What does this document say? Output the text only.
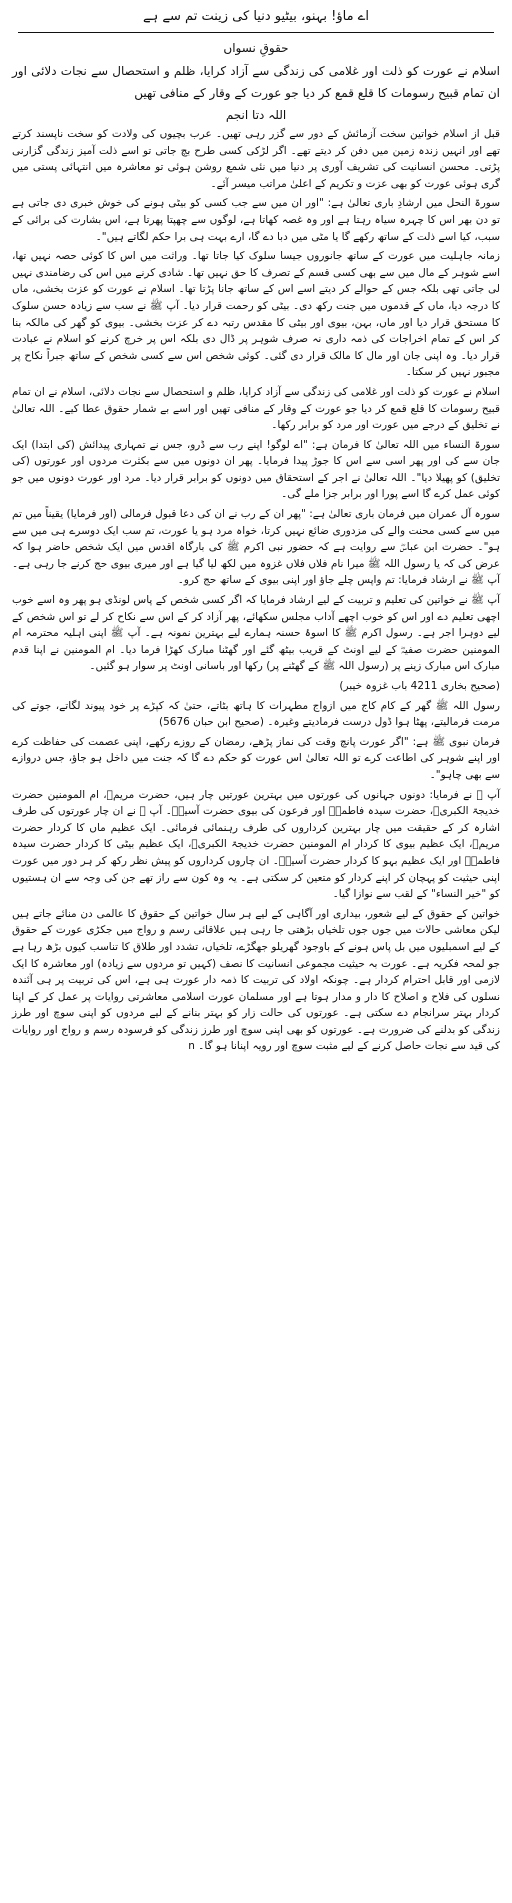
اے ماؤ! بہنو، بیٹیو دنیا کی زینت تم سے ہے
حقوقِ نسواں

اسلام نے عورت کو ذلت اور غلامی کی زندگی سے آزاد کرایا، ظلم و استحصال سے نجات دلائی اور ان تمام قبیح رسومات کا قلع قمع کر دیا جو عورت کے وقار کے منافی تھیں

اللہ دتا انجم

قبل از اسلام خواتین سخت آزمائش کے دور سے گزر رہی تھیں۔ عرب بچیوں کی ولادت کو سخت ناپسند کرتے تھے اور انہیں زندہ زمین میں دفن کر دیتے تھے۔ اگر لڑکی کسی طرح بچ جاتی تو اسے ذلت آمیز زندگی گزارنی پڑتی۔ محسن انسانیت کی تشریف آوری پر دنیا میں نئی شمع روشن ہوئی تو معاشرہ میں انتہائی پستی میں گری ہوئی عورت کو بھی عزت و تکریم کے اعلیٰ مراتب میسر آئے۔

سورۃ النحل میں ارشادِ باری تعالیٰ ہے: "اور ان میں سے جب کسی کو بیٹی ہونے کی خوش خبری دی جاتی ہے تو دن بھر اس کا چہرہ سیاہ رہتا ہے اور وہ غصہ کھاتا ہے، لوگوں سے چھپتا پھرتا ہے، اس بشارت کی برائی کے سبب، کیا اسے ذلت کے ساتھ رکھے گا یا مٹی میں دبا دے گا، ارے بہت ہی برا حکم لگاتے ہیں"۔

زمانہ جاہلیت میں عورت کے ساتھ جانوروں جیسا سلوک کیا جاتا تھا۔ وراثت میں اس کا کوئی حصہ نہیں تھا، اسے شوہر کے مال میں سے بھی کسی قسم کے تصرف کا حق نہیں تھا۔ شادی کرنے میں اس کی رضامندی نہیں لی جاتی تھی بلکہ جس کے حوالے کر دیتے اسے اس کے ساتھ جانا پڑتا تھا۔ اسلام نے عورت کو عزت بخشی، ماں کا درجہ دیا، ماں کے قدموں میں جنت رکھ دی۔ بیٹی کو رحمت قرار دیا۔ آپ ﷺ نے سب سے زیادہ حسن سلوک کا مستحق قرار دیا اور ماں، بہن، بیوی اور بیٹی کا مقدس رتبہ دے کر عزت بخشی۔ بیوی کو گھر کی مالکہ بنا کر اس کے تمام اخراجات کی ذمہ داری نہ صرف شوہر پر ڈال دی بلکہ اس پر خرچ کرنے کو اسلام نے عبادت قرار دیا۔ وہ اپنی جان اور مال کا مالک قرار دی گئی۔ کوئی شخص اس سے کسی شخص کے ساتھ جبراً نکاح پر مجبور نہیں کر سکتا۔

اسلام نے عورت کو ذلت اور غلامی کی زندگی سے آزاد کرایا، ظلم و استحصال سے نجات دلائی، اسلام نے ان تمام قبیح رسومات کا قلع قمع کر دیا جو عورت کے وقار کے منافی تھیں اور اسے بے شمار حقوق عطا کیے۔ اللہ تعالیٰ نے تخلیق کے درجے میں عورت اور مرد کو برابر رکھا۔

سورۃ النساء میں اللہ تعالیٰ کا فرمان ہے: "اے لوگو! اپنے رب سے ڈرو، جس نے تمہاری پیدائش (کی ابتدا) ایک جان سے کی اور پھر اسی سے اس کا جوڑ پیدا فرمایا۔ پھر ان دونوں میں سے بکثرت مردوں اور عورتوں (کی تخلیق) کو پھیلا دیا"۔ اللہ تعالیٰ نے اجر کے استحقاق میں دونوں کو برابر قرار دیا۔ مرد اور عورت دونوں میں جو کوئی عمل کرے گا اسے پورا اور برابر جزا ملے گی۔

سورہ آل عمران میں فرمان باری تعالیٰ ہے: "پھر ان کے رب نے ان کی دعا قبول فرمالی (اور فرمایا) یقیناً میں تم میں سے کسی محنت والے کی مزدوری ضائع نہیں کرتا، خواہ مرد ہو یا عورت، تم سب ایک دوسرے ہی میں سے ہو"۔ حضرت ابن عباسؓ سے روایت ہے کہ حضور نبی اکرم ﷺ کی بارگاہ اقدس میں ایک شخص حاضر ہوا کہ عرض کی کہ یا رسول اللہ ﷺ میرا نام فلاں فلاں غزوہ میں لکھ لیا گیا ہے اور میری بیوی حج کرنے جا رہی ہے۔ آپ ﷺ نے ارشاد فرمایا: تم واپس چلے جاؤ اور اپنی بیوی کے ساتھ حج کرو۔

آپ ﷺ نے خواتین کی تعلیم و تربیت کے لیے ارشاد فرمایا کہ اگر کسی شخص کے پاس لونڈی ہو پھر وہ اسے خوب اچھی تعلیم دے اور اس کو خوب اچھے آداب مجلس سکھائے، پھر آزاد کر کے اس سے نکاح کر لے تو اس شخص کے لیے دوہرا اجر ہے۔ رسول اکرم ﷺ کا اسوۂ حسنہ ہمارے لیے بہترین نمونہ ہے۔ آپ ﷺ اپنی اہلیہ محترمہ ام المومنین حضرت صفیہؓ کے لیے اونٹ کے قریب بیٹھ گئے اور گھٹنا مبارک کھڑا فرما دیا۔ ام المومنین نے اپنا قدم مبارک اس مبارک زینے پر (رسول اللہ ﷺ کے گھٹنے پر) رکھا اور باسانی اونٹ پر سوار ہو گئیں۔

(صحیح بخاری 4211 باب غزوہ خیبر)

رسول اللہ ﷺ گھر کے کام کاج میں ازواج مطہرات کا ہاتھ بٹاتے، حتیٰ کہ کپڑے پر خود پیوند لگاتے، جوتے کی مرمت فرمالیتے، پھٹا ہوا ڈول درست فرمادیتے وغیرہ۔ (صحیح ابن حبان 5676)

فرمان نبوی ﷺ ہے: "اگر عورت پانچ وقت کی نماز پڑھے، رمضان کے روزے رکھے، اپنی عصمت کی حفاظت کرے اور اپنے شوہر کی اطاعت کرے تو اللہ تعالیٰ اس عورت کو حکم دے گا کہ جنت میں داخل ہو جاؤ، جس دروازے سے بھی چاہو"۔

آپ ﷺ نے فرمایا: دونوں جہانوں کی عورتوں میں بہترین عورتیں چار ہیں، حضرت مریمؑ، ام المومنین حضرت خدیجۃ الکبریؓ، حضرت سیدہ فاطمہؓ اور فرعون کی بیوی حضرت آسیہؑ۔ آپ ﷺ نے ان چار عورتوں کی طرف اشارہ کر کے حقیقت میں چار بہترین کرداروں کی طرف رہنمائی فرمائی۔ ایک عظیم ماں کا کردار حضرت مریمؑ، ایک عظیم بیوی کا کردار ام المومنین حضرت خدیجۃ الکبریؓ، ایک عظیم بیٹی کا کردار حضرت سیدہ فاطمہؓ اور ایک عظیم بہو کا کردار حضرت آسیہؑ۔ ان چاروں کرداروں کو پیش نظر رکھ کر ہر دور میں عورت اپنی حیثیت کو پہچان کر اپنے کردار کو متعین کر سکتی ہے۔ یہ وہ کون سے راز تھے جن کی وجہ سے ان ہستیوں کو "خیر النساء" کے لقب سے نوازا گیا۔

خواتین کے حقوق کے لیے شعور، بیداری اور آگاہی کے لیے ہر سال خواتین کے حقوق کا عالمی دن منائے جاتے ہیں لیکن معاشی حالات میں جوں جوں تلخیاں بڑھتی جا رہی ہیں علاقائی رسم و رواج میں جکڑی عورت کے حقوق کے لیے اسمبلیوں میں بل پاس ہونے کے باوجود گھریلو جھگڑے، تلخیاں، تشدد اور طلاق کا تناسب کیوں بڑھ رہا ہے جو لمحہ فکریہ ہے۔ عورت بہ حیثیت مجموعی انسانیت کا نصف (کہیں تو مردوں سے زیادہ) اور معاشرہ کا ایک لازمی اور قابل احترام کردار ہے۔ چونکہ اولاد کی تربیت کا ذمہ دار عورت ہی ہے، اس کی تربیت پر ہی آئندہ نسلوں کی فلاح و اصلاح کا دار و مدار ہوتا ہے اور مسلمان عورت اسلامی معاشرتی روایات پر عمل کر کے اپنا کردار بہتر سرانجام دے سکتی ہے۔ عورتوں کی حالت زار کو بہتر بنانے کے لیے مردوں کو اپنی سوچ اور طرز زندگی کو بدلنے کی ضرورت ہے۔ عورتوں کو بھی اپنی سوچ اور طرز زندگی کو فرسودہ رسم و رواج اور روایات کی قید سے نجات حاصل کرنے کے لیے مثبت سوچ اور رویہ اپنانا ہو گا۔ n
